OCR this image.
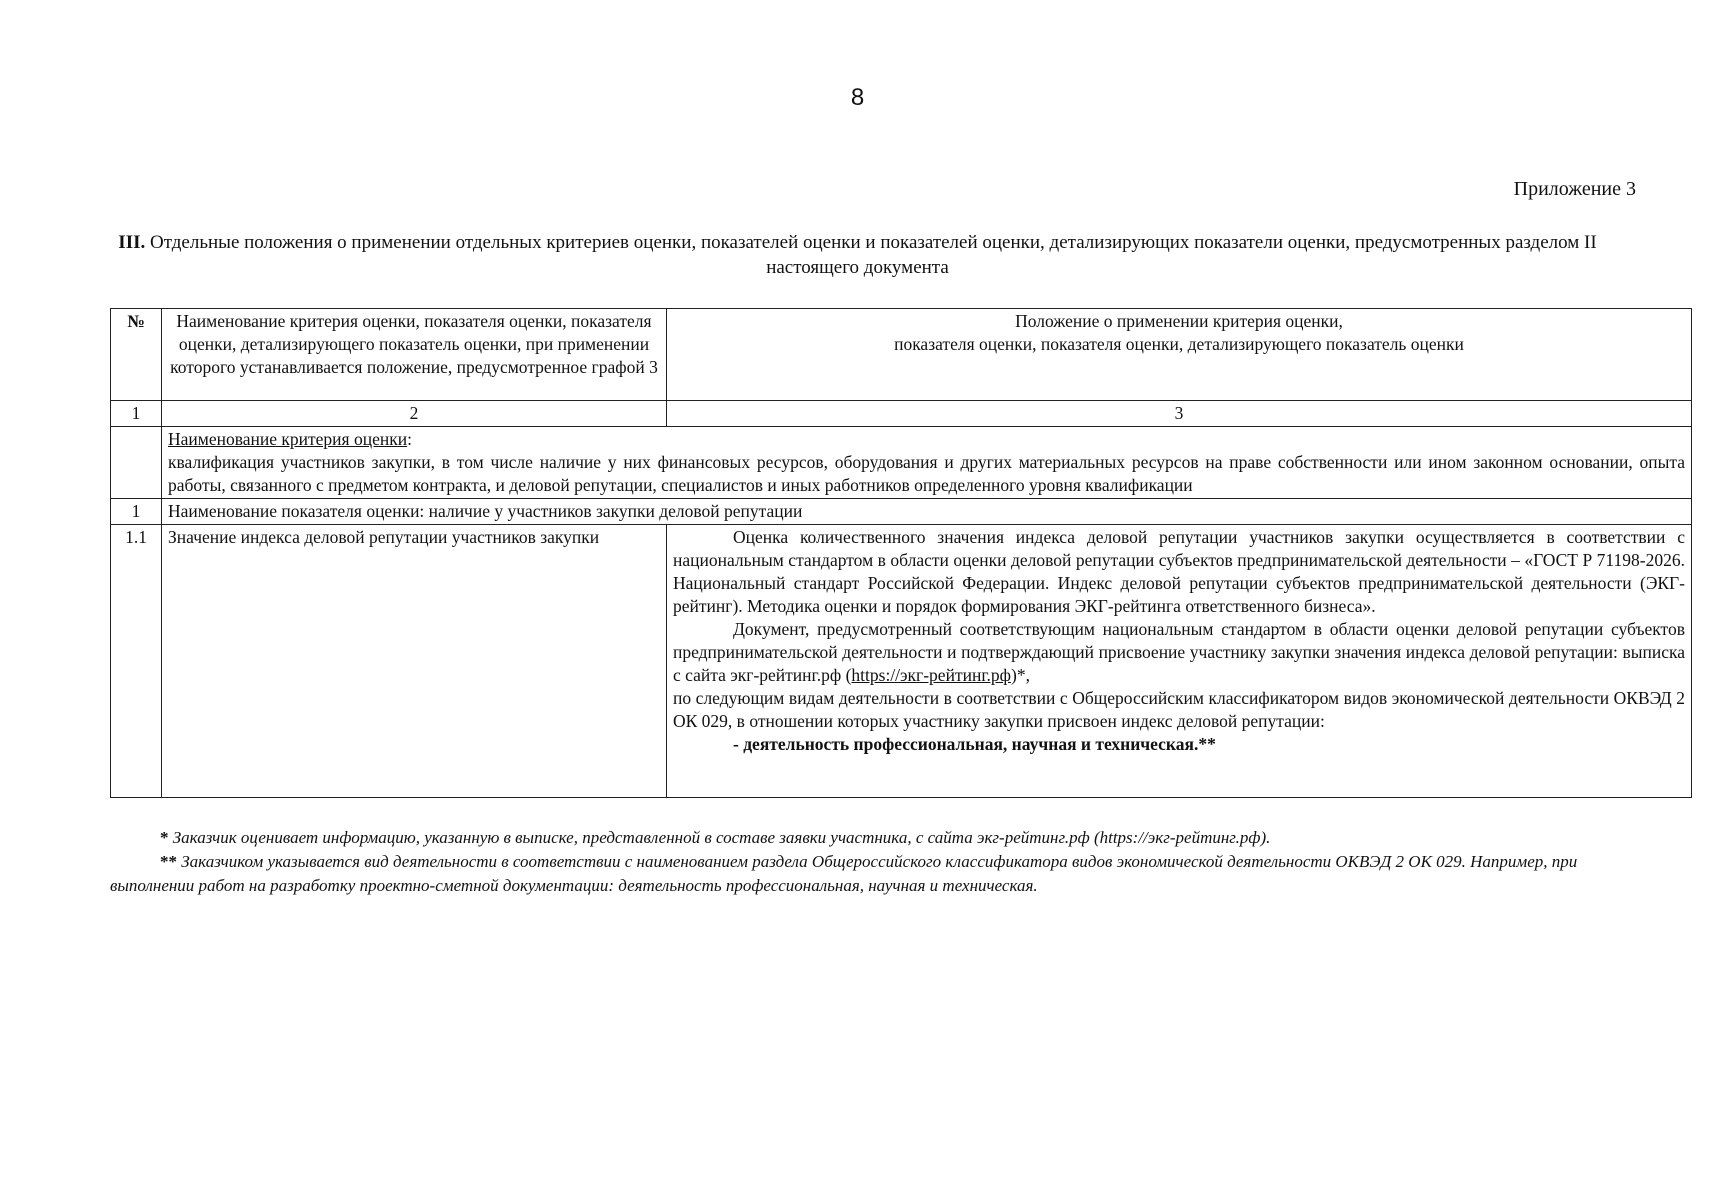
8
Приложение 3
III. Отдельные положения о применении отдельных критериев оценки, показателей оценки и показателей оценки, детализирующих показатели оценки, предусмотренных разделом II настоящего документа
№	Наименование критерия оценки, показателя оценки, показателя оценки, детализирующего показатель оценки, при применении которого устанавливается положение, предусмотренное графой 3	Положение о применении критерия оценки,
показателя оценки, показателя оценки, детализирующего показатель оценки

1	2	3

	Наименование критерия оценки:
квалификация участников закупки, в том числе наличие у них финансовых ресурсов, оборудования и других материальных ресурсов на праве собственности или ином законном основании, опыта работы, связанного с предметом контракта, и деловой репутации, специалистов и иных работников определенного уровня квалификации	

1	Наименование показателя оценки: наличие у участников закупки деловой репутации	
1.1	Значение индекса деловой репутации участников закупки	Оценка количественного значения индекса деловой репутации участников закупки осуществляется в соответствии с национальным стандартом в области оценки деловой репутации субъектов предпринимательской деятельности – «ГОСТ Р 71198-2026. Национальный стандарт Российской Федерации. Индекс деловой репутации субъектов предпринимательской деятельности (ЭКГ-рейтинг). Методика оценки и порядок формирования ЭКГ-рейтинга ответственного бизнеса».

Документ, предусмотренный соответствующим национальным стандартом в области оценки деловой репутации субъектов предпринимательской деятельности и подтверждающий присвоение участнику закупки значения индекса деловой репутации: выписка с сайта экг-рейтинг.рф (https://экг-рейтинг.рф)*,

по следующим видам деятельности в соответствии с Общероссийским классификатором видов экономической деятельности ОКВЭД 2 ОК 029, в отношении которых участнику закупки присвоен индекс деловой репутации:

- деятельность профессиональная, научная и техническая.**

* Заказчик оценивает информацию, указанную в выписке, представленной в составе заявки участника, с сайта экг-рейтинг.рф (https://экг-рейтинг.рф).

** Заказчиком указывается вид деятельности в соответствии с наименованием раздела Общероссийского классификатора видов экономической деятельности ОКВЭД 2 ОК 029. Например, при выполнении работ на разработку проектно-сметной документации: деятельность профессиональная, научная и техническая.
